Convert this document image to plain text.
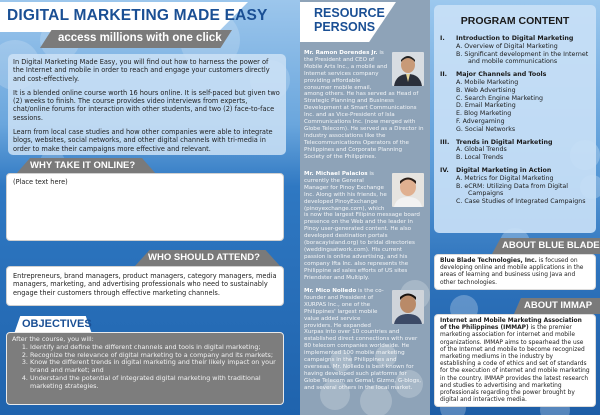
DIGITAL MARKETING MADE EASY
access millions with one click

In Digital Marketing Made Easy, you will find out how to harness the power of the Internet and mobile in order to reach and engage your customers directly and cost-effectively.

It is a blended online course worth 16 hours online. It is self-paced but given two (2) weeks to finish. The course provides video interviews from experts, chat/online forums for interaction with other students, and two (2) face-to-face sessions.

Learn from local case studies and how other companies were able to integrate blogs, websites, social networks, and other digital channels with tri-media in order to make their campaigns more effective and relevant.

WHY TAKE IT ONLINE?
(Place text here)
WHO SHOULD ATTEND?
Entrepreneurs, brand managers, product managers, category managers, media managers, marketing, and advertising professionals who need to sustainably engage their customers through effective marketing channels.
OBJECTIVES
After the course, you will:
1. Identify and define the different channels and tools in digital marketing;
2. Recognize the relevance of digital marketing to a company and its markets;
3. Know the different trends in digital marketing and their likely impact on your brand and market; and
4. Understand the potential of integrated digital marketing with traditional marketing strategies.
RESOURCE
PERSONS
Mr. Ramon Dorendes Jr. is the President and CEO of Mobile Arts Inc., a mobile and Internet services company providing affordable consumer mobile email, among others. He has served as Head of Strategic Planning and Business Development at Smart Communications Inc. and as Vice-President of Isla Communications Inc. (now merged with Globe Telecom). He served as a Director in industry associations like the Telecommunications Operators of the Philippines and Corporate Planning Society of the Philippines.
Mr. Michael Palacios is currently the General Manager for Pinoy Exchange Inc. Along with his friends, he developed PinoyExchange (pinoyexchange.com), which is now the largest Filipino message board presence on the Web and the leader in Pinoy user-generated content. He also developed destination portals (boracayisland.org) to bridal directories (weddingsatwork.com). His current passion is online advertising, and his company Ifta Inc. also represents the Philippine ad sales efforts of US sites Friendster and Multiply.
Mr. Mico Nolledo is the co-founder and President of XURPAS Inc., one of the Philippines' largest mobile value added service providers. He expanded Xurpas into over 10 countries and established direct connections with over 80 telecom companies worldwide. He implemented 100 mobile marketing campaigns in the Philippines and overseas. Mr. Nolledo is best known for having developed such platforms for Globe Telecom as Gemal, Gizmo, G-blogs, and several others in the local market.
PROGRAM CONTENT
I.	Introduction to Digital Marketing
A. Overview of Digital Marketing
B. Significant development in the Internet
and mobile communications
II.	Major Channels and Tools
A. Mobile Marketing
B. Web Advertising
C. Search Engine Marketing
D. Email Marketing
E. Blog Marketing
F. Advergaming
G. Social Networks
III.	Trends in Digital Marketing
A. Global Trends
B. Local Trends
IV.	Digital Marketing in Action
A. Metrics for Digital Marketing
B. eCRM: Utilizing Data from Digital
Campaigns
C. Case Studies of Integrated Campaigns
ABOUT BLUE BLADE
Blue Blade Technologies, Inc. is focused on developing online and mobile applications in the areas of learning and business using Java and other technologies.
ABOUT IMMAP
Internet and Mobile Marketing Association of the Philippines (IMMAP) is the premier marketing association for internet and mobile organizations. IMMAP aims to spearhead the use of the Internet and mobile to become recognized marketing mediums in the industry by establishing a code of ethics and set of standards for the execution of internet and mobile marketing in the country. IMMAP provides the latest research and studies to advertising and marketing professionals regarding the power brought by digital and interactive media.
